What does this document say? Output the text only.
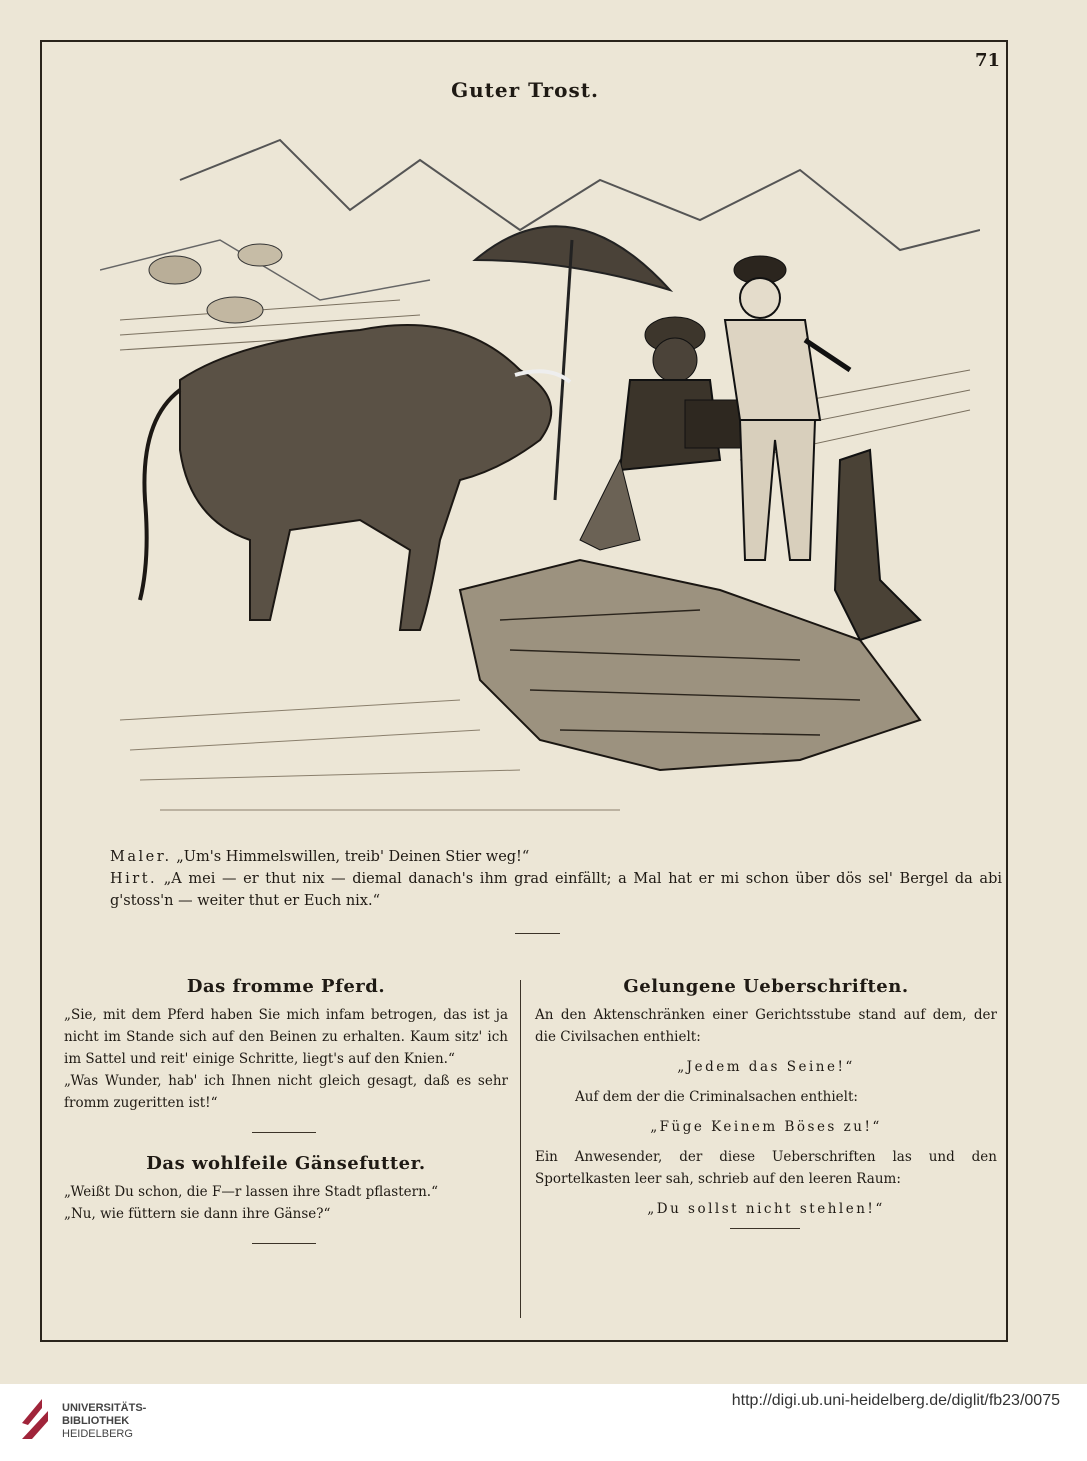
71
Guter Trost.

Maler. „Um's Himmelswillen, treib' Deinen Stier weg!“

Hirt. „A mei — er thut nix — diemal danach's ihm grad einfällt; a Mal hat er mi schon über dös sel' Bergel da abi g'stoss'n — weiter thut er Euch nix.“

Das fromme Pferd.

„Sie, mit dem Pferd haben Sie mich infam betrogen, das ist ja nicht im Stande sich auf den Beinen zu erhalten. Kaum sitz' ich im Sattel und reit' einige Schritte, liegt's auf den Knien.“

„Was Wunder, hab' ich Ihnen nicht gleich gesagt, daß es sehr fromm zugeritten ist!“

Das wohlfeile Gänsefutter.

„Weißt Du schon, die F—r lassen ihre Stadt pflastern.“

„Nu, wie füttern sie dann ihre Gänse?“

Gelungene Ueberschriften.

An den Aktenschränken einer Gerichtsstube stand auf dem, der die Civilsachen enthielt:

„Jedem das Seine!“

Auf dem der die Criminalsachen enthielt:

„Füge Keinem Böses zu!“

Ein Anwesender, der diese Ueberschriften las und den Sportelkasten leer sah, schrieb auf den leeren Raum:

„Du sollst nicht stehlen!“

UNIVERSITÄTS-
BIBLIOTHEK
HEIDELBERG
http://digi.ub.uni-heidelberg.de/diglit/fb23/0075
